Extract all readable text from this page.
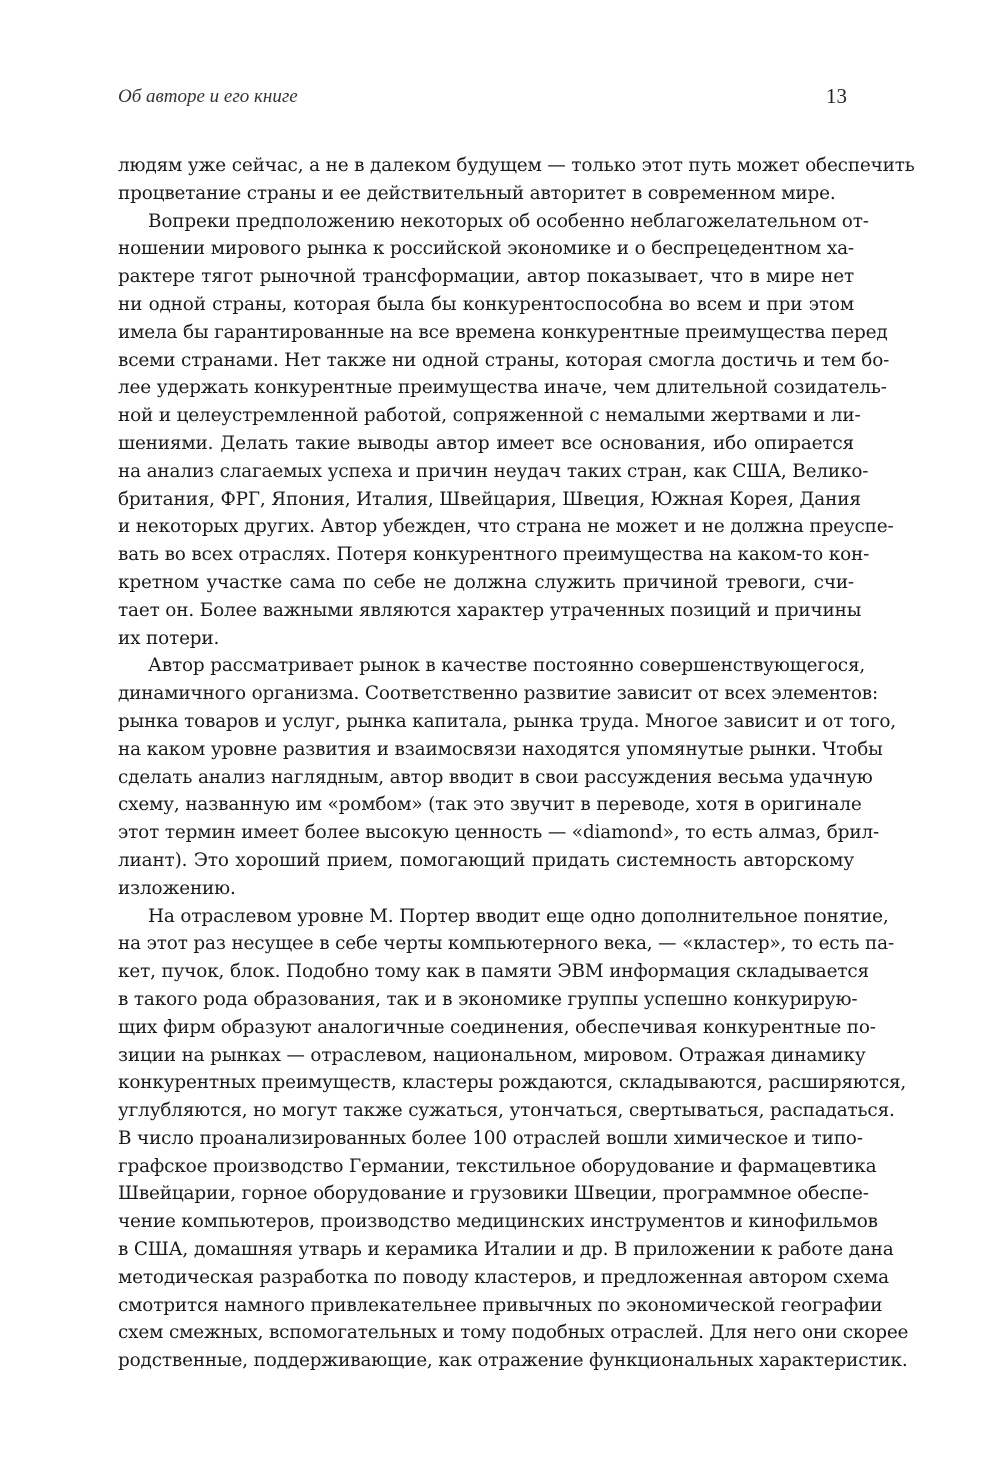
Об авторе и его книге	13
людям уже сейчас, а не в далеком будущем — только этот путь может обеспечить
процветание страны и ее действительный авторитет в современном мире.
Вопреки предположению некоторых об особенно неблагожелательном от-
ношении мирового рынка к российской экономике и о беспрецедентном ха-
рактере тягот рыночной трансформации, автор показывает, что в мире нет
ни одной страны, которая была бы конкурентоспособна во всем и при этом
имела бы гарантированные на все времена конкурентные преимущества перед
всеми странами. Нет также ни одной страны, которая смогла достичь и тем бо-
лее удержать конкурентные преимущества иначе, чем длительной созидатель-
ной и целеустремленной работой, сопряженной с немалыми жертвами и ли-
шениями. Делать такие выводы автор имеет все основания, ибо опирается
на анализ слагаемых успеха и причин неудач таких стран, как США, Велико-
британия, ФРГ, Япония, Италия, Швейцария, Швеция, Южная Корея, Дания
и некоторых других. Автор убежден, что страна не может и не должна преуспе-
вать во всех отраслях. Потеря конкурентного преимущества на каком-то кон-
кретном участке сама по себе не должна служить причиной тревоги, счи-
тает он. Более важными являются характер утраченных позиций и причины
их потери.
Автор рассматривает рынок в качестве постоянно совершенствующегося,
динамичного организма. Соответственно развитие зависит от всех элементов:
рынка товаров и услуг, рынка капитала, рынка труда. Многое зависит и от того,
на каком уровне развития и взаимосвязи находятся упомянутые рынки. Чтобы
сделать анализ наглядным, автор вводит в свои рассуждения весьма удачную
схему, названную им «ромбом» (так это звучит в переводе, хотя в оригинале
этот термин имеет более высокую ценность — «diamond», то есть алмаз, брил-
лиант). Это хороший прием, помогающий придать системность авторскому
изложению.
На отраслевом уровне М. Портер вводит еще одно дополнительное понятие,
на этот раз несущее в себе черты компьютерного века, — «кластер», то есть па-
кет, пучок, блок. Подобно тому как в памяти ЭВМ информация складывается
в такого рода образования, так и в экономике группы успешно конкурирую-
щих фирм образуют аналогичные соединения, обеспечивая конкурентные по-
зиции на рынках — отраслевом, национальном, мировом. Отражая динамику
конкурентных преимуществ, кластеры рождаются, складываются, расширяются,
углубляются, но могут также сужаться, утончаться, свертываться, распадаться.
В число проанализированных более 100 отраслей вошли химическое и типо-
графское производство Германии, текстильное оборудование и фармацевтика
Швейцарии, горное оборудование и грузовики Швеции, программное обеспе-
чение компьютеров, производство медицинских инструментов и кинофильмов
в США, домашняя утварь и керамика Италии и др. В приложении к работе дана
методическая разработка по поводу кластеров, и предложенная автором схема
смотрится намного привлекательнее привычных по экономической географии
схем смежных, вспомогательных и тому подобных отраслей. Для него они скорее
родственные, поддерживающие, как отражение функциональных характеристик.
